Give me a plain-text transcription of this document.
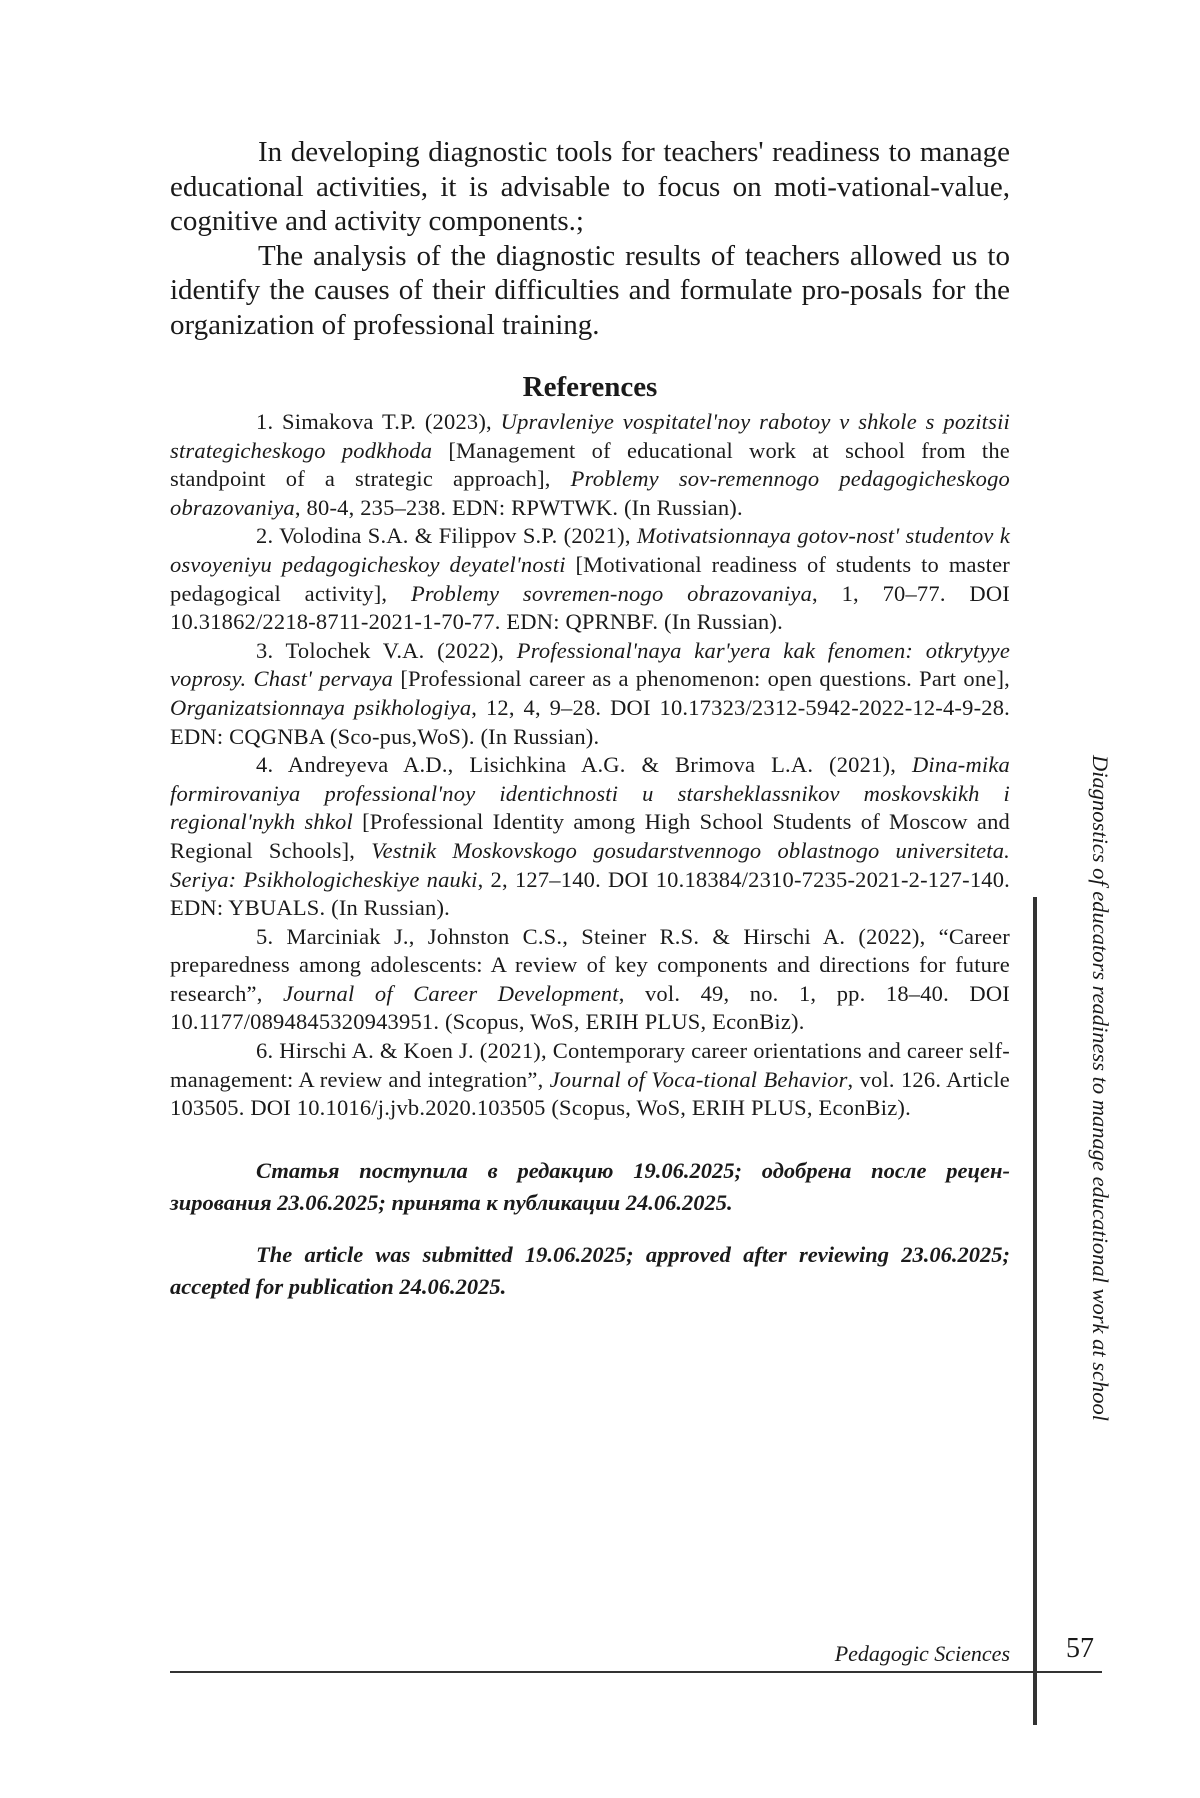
In developing diagnostic tools for teachers' readiness to manage educational activities, it is advisable to focus on moti-vational-value, cognitive and activity components.;

The analysis of the diagnostic results of teachers allowed us to identify the causes of their difficulties and formulate pro-posals for the organization of professional training.

References

1. Simakova T.P. (2023), Upravleniye vospitatel'noy rabotoy v shkole s pozitsii strategicheskogo podkhoda [Management of educational work at school from the standpoint of a strategic approach], Problemy sov-remennogo pedagogicheskogo obrazovaniya, 80-4, 235–238. EDN: RPWTWK. (In Russian).

2. Volodina S.A. & Filippov S.P. (2021), Motivatsionnaya gotov-nost' studentov k osvoyeniyu pedagogicheskoy deyatel'nosti [Motivational readiness of students to master pedagogical activity], Problemy sovremen-nogo obrazovaniya, 1, 70–77. DOI 10.31862/2218-8711-2021-1-70-77. EDN: QPRNBF. (In Russian).

3. Tolochek V.A. (2022), Professional'naya kar'yera kak fenomen: otkrytyye voprosy. Chast' pervaya [Professional career as a phenomenon: open questions. Part one], Organizatsionnaya psikhologiya, 12, 4, 9–28. DOI 10.17323/2312-5942-2022-12-4-9-28. EDN: CQGNBA (Sco-pus,WoS). (In Russian).

4. Andreyeva A.D., Lisichkina A.G. & Brimova L.A. (2021), Dina-mika formirovaniya professional'noy identichnosti u starsheklassnikov moskovskikh i regional'nykh shkol [Professional Identity among High School Students of Moscow and Regional Schools], Vestnik Moskovskogo gosudarstvennogo oblastnogo universiteta. Seriya: Psikhologicheskiye nauki, 2, 127–140. DOI 10.18384/2310-7235-2021-2-127-140. EDN: YBUALS. (In Russian).

5. Marciniak J., Johnston C.S., Steiner R.S. & Hirschi A. (2022), “Career preparedness among adolescents: A review of key components and directions for future research”, Journal of Career Development, vol. 49, no. 1, pp. 18–40. DOI 10.1177/0894845320943951. (Scopus, WoS, ERIH PLUS, EconBiz).

6. Hirschi A. & Koen J. (2021), Contemporary career orientations and career self-management: A review and integration”, Journal of Voca-tional Behavior, vol. 126. Article 103505. DOI 10.1016/j.jvb.2020.103505 (Scopus, WoS, ERIH PLUS, EconBiz).

Статья поступила в редакцию 19.06.2025; одобрена после рецен-зирования 23.06.2025; принята к публикации 24.06.2025.

The article was submitted 19.06.2025; approved after reviewing 23.06.2025; accepted for publication 24.06.2025.	Diagnostics of educators readiness to manage educational work at school
Pedagogic Sciences	57
